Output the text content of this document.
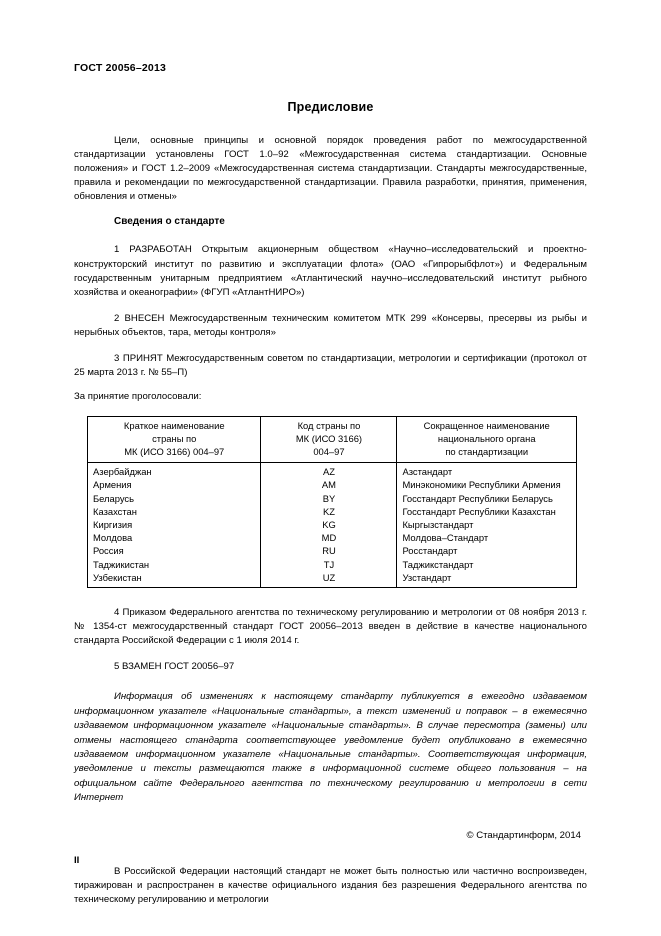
ГОСТ 20056–2013
Предисловие

Цели, основные принципы и основной порядок проведения работ по межгосударственной стандартизации установлены ГОСТ 1.0–92 «Межгосударственная система стандартизации. Основные положения» и ГОСТ 1.2–2009 «Межгосударственная система стандартизации. Стандарты межгосударственные, правила и рекомендации по межгосударственной стандартизации. Правила разработки, принятия, применения, обновления и отмены»

Сведения о стандарте

1 РАЗРАБОТАН Открытым акционерным обществом «Научно–исследовательский и проектно-конструкторский институт по развитию и эксплуатации флота» (ОАО «Гипрорыбфлот») и Федеральным государственным унитарным предприятием «Атлантический научно–исследовательский институт рыбного хозяйства и океанографии» (ФГУП «АтлантНИРО»)

2 ВНЕСЕН Межгосударственным техническим комитетом МТК 299 «Консервы, пресервы из рыбы и нерыбных объектов, тара, методы контроля»

3 ПРИНЯТ Межгосударственным советом по стандартизации, метрологии и сертификации (протокол от 25 марта 2013 г. № 55–П)

За принятие проголосовали:

Краткое наименование
страны по
МК (ИСО 3166) 004–97

Код страны по
МК (ИСО 3166)
004–97

Сокращенное наименование
национального органа
по стандартизации

Азербайджан	AZ	Азстандарт
Армения	AM	Минэкономики Республики Армения
Беларусь	BY	Госстандарт Республики Беларусь
Казахстан	KZ	Госстандарт Республики Казахстан
Киргизия	KG	Кыргызстандарт
Молдова	MD	Молдова–Стандарт
Россия	RU	Росстандарт
Таджикистан	TJ	Таджикстандарт
Узбекистан	UZ	Узстандарт

4 Приказом Федерального агентства по техническому регулированию и метрологии от 08 ноября 2013 г. № 1354-ст межгосударственный стандарт ГОСТ 20056–2013 введен в действие в качестве национального стандарта Российской Федерации с 1 июля 2014 г.

5 ВЗАМЕН ГОСТ 20056–97

Информация об изменениях к настоящему стандарту публикуется в ежегодно издаваемом информационном указателе «Национальные стандарты», а текст изменений и поправок – в ежемесячно издаваемом информационном указателе «Национальные стандарты». В случае пересмотра (замены) или отмены настоящего стандарта соответствующее уведомление будет опубликовано в ежемесячно издаваемом информационном указателе «Национальные стандарты». Соответствующая информация, уведомление и тексты размещаются также в информационной системе общего пользования – на официальном сайте Федерального агентства по техническому регулированию и метрологии в сети Интернет

© Стандартинформ, 2014

В Российской Федерации настоящий стандарт не может быть полностью или частично воспроизведен, тиражирован и распространен в качестве официального издания без разрешения Федерального агентства по техническому регулированию и метрологии

II
